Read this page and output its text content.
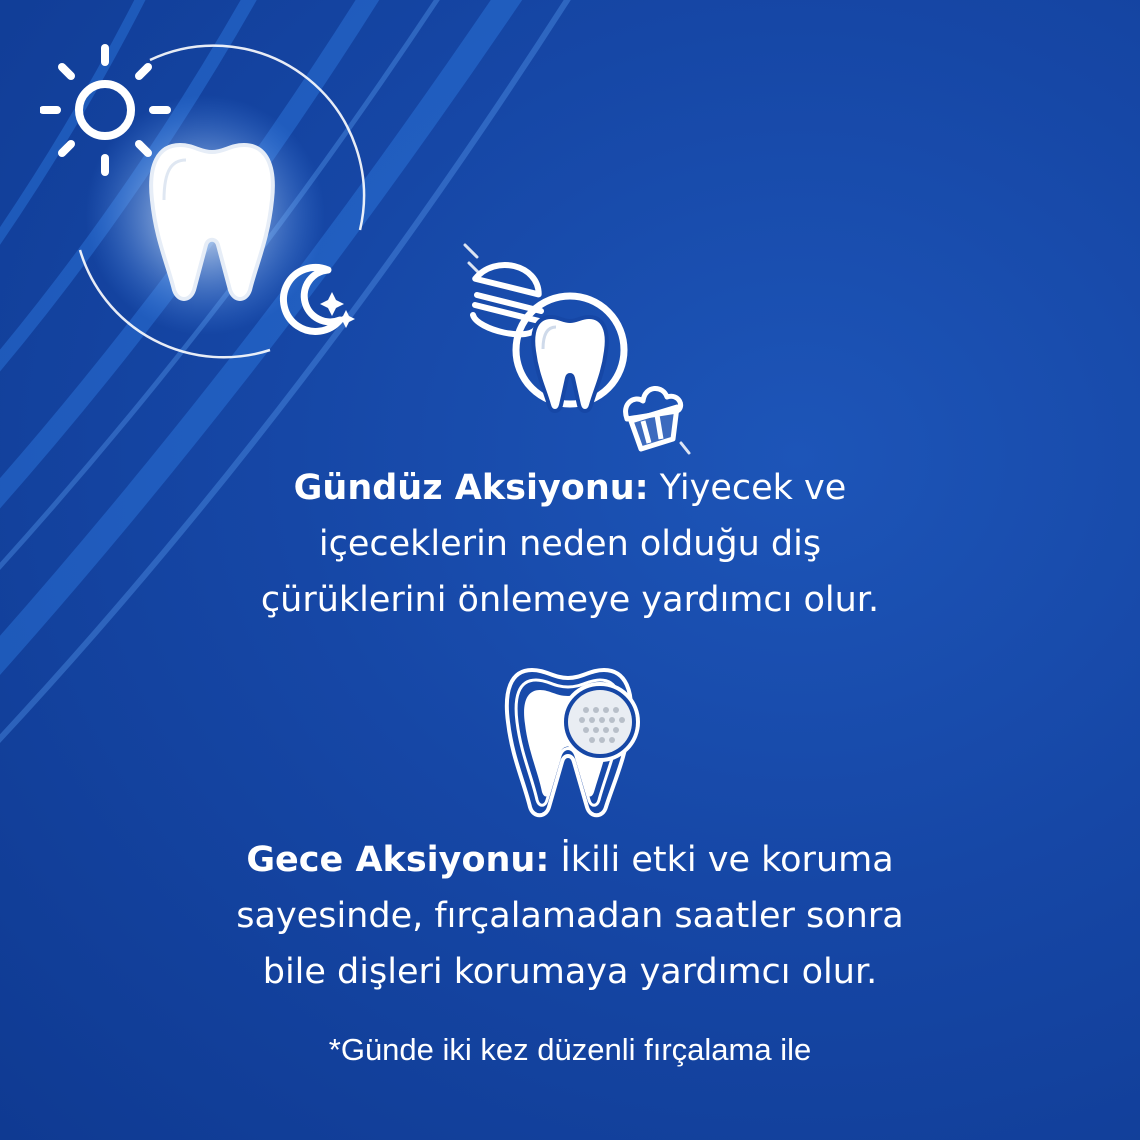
Gündüz Aksiyonu: Yiyecek ve
içeceklerin neden olduğu diş
çürüklerini önlemeye yardımcı olur.
Gece Aksiyonu: İkili etki ve koruma
sayesinde, fırçalamadan saatler sonra
bile dişleri korumaya yardımcı olur.
*Günde iki kez düzenli fırçalama ile
